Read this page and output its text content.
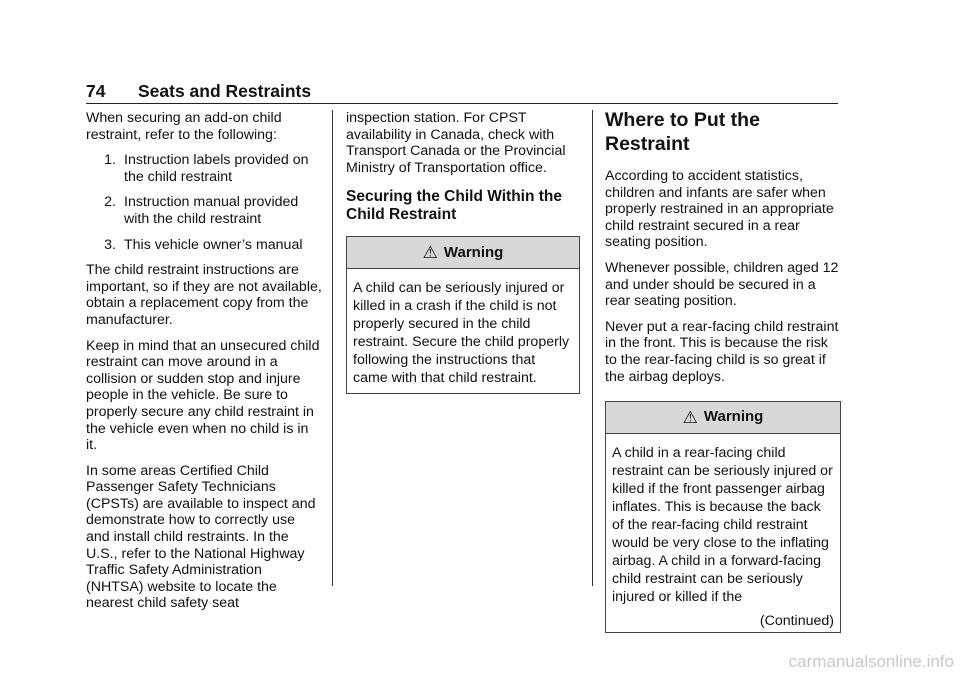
74 Seats and Restraints

When securing an add-on child restraint, refer to the following:

1. Instruction labels provided on the child restraint
2. Instruction manual provided with the child restraint
3. This vehicle owner’s manual

The child restraint instructions are important, so if they are not available, obtain a replacement copy from the manufacturer.

Keep in mind that an unsecured child restraint can move around in a collision or sudden stop and injure people in the vehicle. Be sure to properly secure any child restraint in the vehicle even when no child is in it.

In some areas Certified Child Passenger Safety Technicians (CPSTs) are available to inspect and demonstrate how to correctly use and install child restraints. In the U.S., refer to the National Highway Traffic Safety Administration (NHTSA) website to locate the nearest child safety seat

inspection station. For CPST availability in Canada, check with Transport Canada or the Provincial Ministry of Transportation office.

Securing the Child Within the Child Restraint
⚠ Warning
A child can be seriously injured or killed in a crash if the child is not properly secured in the child restraint. Secure the child properly following the instructions that came with that child restraint.
Where to Put the Restraint

According to accident statistics, children and infants are safer when properly restrained in an appropriate child restraint secured in a rear seating position.

Whenever possible, children aged 12 and under should be secured in a rear seating position.

Never put a rear-facing child restraint in the front. This is because the risk to the rear-facing child is so great if the airbag deploys.

⚠ Warning
A child in a rear-facing child restraint can be seriously injured or killed if the front passenger airbag inflates. This is because the back of the rear-facing child restraint would be very close to the inflating airbag. A child in a forward-facing child restraint can be seriously injured or killed if the
(Continued)
carmanualsonline.info
